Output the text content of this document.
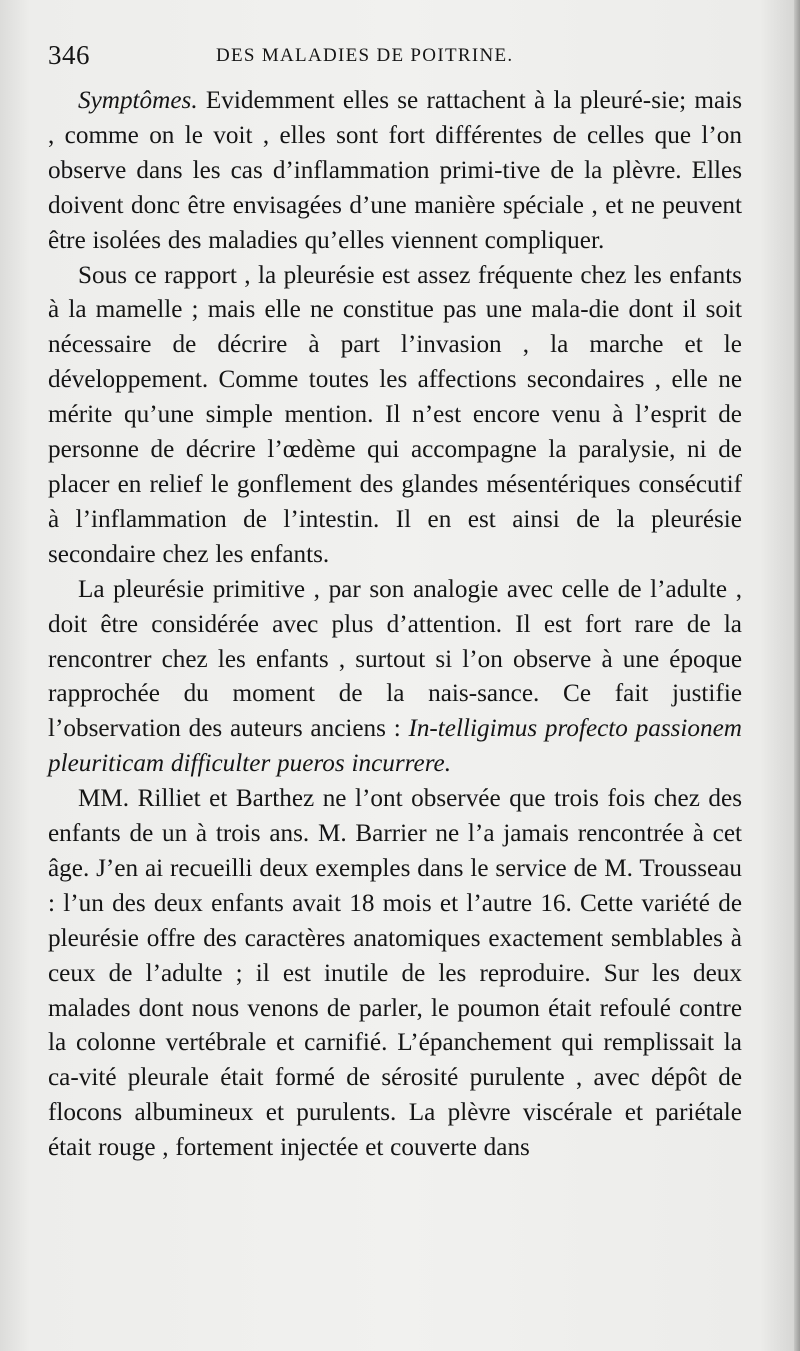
346	DES MALADIES DE POITRINE.

Symptômes. Evidemment elles se rattachent à la pleuré-sie; mais , comme on le voit , elles sont fort différentes de celles que l’on observe dans les cas d’inflammation primi-tive de la plèvre. Elles doivent donc être envisagées d’une manière spéciale , et ne peuvent être isolées des maladies qu’elles viennent compliquer.

Sous ce rapport , la pleurésie est assez fréquente chez les enfants à la mamelle ; mais elle ne constitue pas une mala-die dont il soit nécessaire de décrire à part l’invasion , la marche et le développement. Comme toutes les affections secondaires , elle ne mérite qu’une simple mention. Il n’est encore venu à l’esprit de personne de décrire l’œdème qui accompagne la paralysie, ni de placer en relief le gonflement des glandes mésentériques consécutif à l’inflammation de l’intestin. Il en est ainsi de la pleurésie secondaire chez les enfants.

La pleurésie primitive , par son analogie avec celle de l’adulte , doit être considérée avec plus d’attention. Il est fort rare de la rencontrer chez les enfants , surtout si l’on observe à une époque rapprochée du moment de la nais-sance. Ce fait justifie l’observation des auteurs anciens : In-telligimus profecto passionem pleuriticam difficulter pueros incurrere.

MM. Rilliet et Barthez ne l’ont observée que trois fois chez des enfants de un à trois ans. M. Barrier ne l’a jamais rencontrée à cet âge. J’en ai recueilli deux exemples dans le service de M. Trousseau : l’un des deux enfants avait 18 mois et l’autre 16. Cette variété de pleurésie offre des caractères anatomiques exactement semblables à ceux de l’adulte ; il est inutile de les reproduire. Sur les deux malades dont nous venons de parler, le poumon était refoulé contre la colonne vertébrale et carnifié. L’épanchement qui remplissait la ca-vité pleurale était formé de sérosité purulente , avec dépôt de flocons albumineux et purulents. La plèvre viscérale et pariétale était rouge , fortement injectée et couverte dans
